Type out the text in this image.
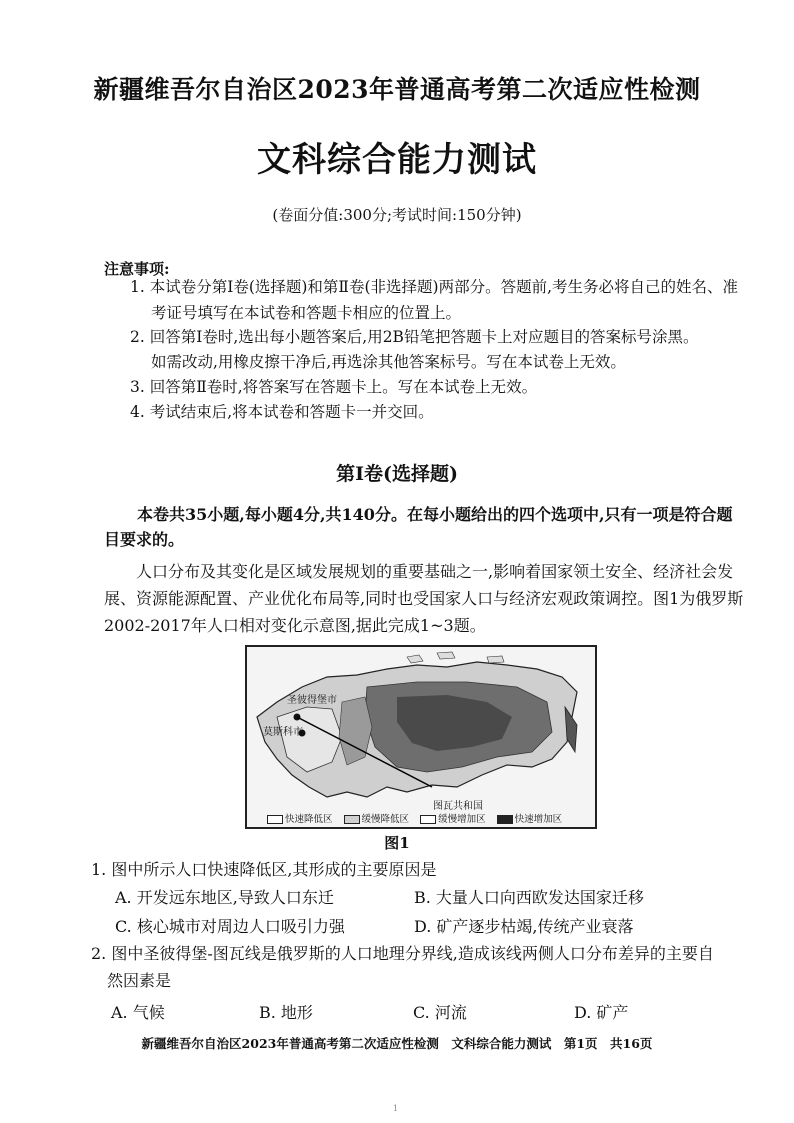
新疆维吾尔自治区2023年普通高考第二次适应性检测
文科综合能力测试
(卷面分值:300分;考试时间:150分钟)
注意事项:
1. 本试卷分第Ⅰ卷(选择题)和第Ⅱ卷(非选择题)两部分。答题前,考生务必将自己的姓名、准
考证号填写在本试卷和答题卡相应的位置上。
2. 回答第Ⅰ卷时,选出每小题答案后,用2B铅笔把答题卡上对应题目的答案标号涂黑。
如需改动,用橡皮擦干净后,再选涂其他答案标号。写在本试卷上无效。
3. 回答第Ⅱ卷时,将答案写在答题卡上。写在本试卷上无效。
4. 考试结束后,将本试卷和答题卡一并交回。
第Ⅰ卷(选择题)
本卷共35小题,每小题4分,共140分。在每小题给出的四个选项中,只有一项是符合题
目要求的。
人口分布及其变化是区域发展规划的重要基础之一,影响着国家领土安全、经济社会发
展、资源能源配置、产业优化布局等,同时也受国家人口与经济宏观政策调控。图1为俄罗斯
2002-2017年人口相对变化示意图,据此完成1~3题。
圣彼得堡市
莫斯科市
图瓦共和国
快速降低区	缓慢降低区	缓慢增加区	快速增加区
图1
1. 图中所示人口快速降低区,其形成的主要原因是
A. 开发远东地区,导致人口东迁	B. 大量人口向西欧发达国家迁移
C. 核心城市对周边人口吸引力强	D. 矿产逐步枯竭,传统产业衰落
2. 图中圣彼得堡-图瓦线是俄罗斯的人口地理分界线,造成该线两侧人口分布差异的主要自
然因素是
A. 气候	B. 地形	C. 河流	D. 矿产
新疆维吾尔自治区2023年普通高考第二次适应性检测　文科综合能力测试　第1页　共16页
1
